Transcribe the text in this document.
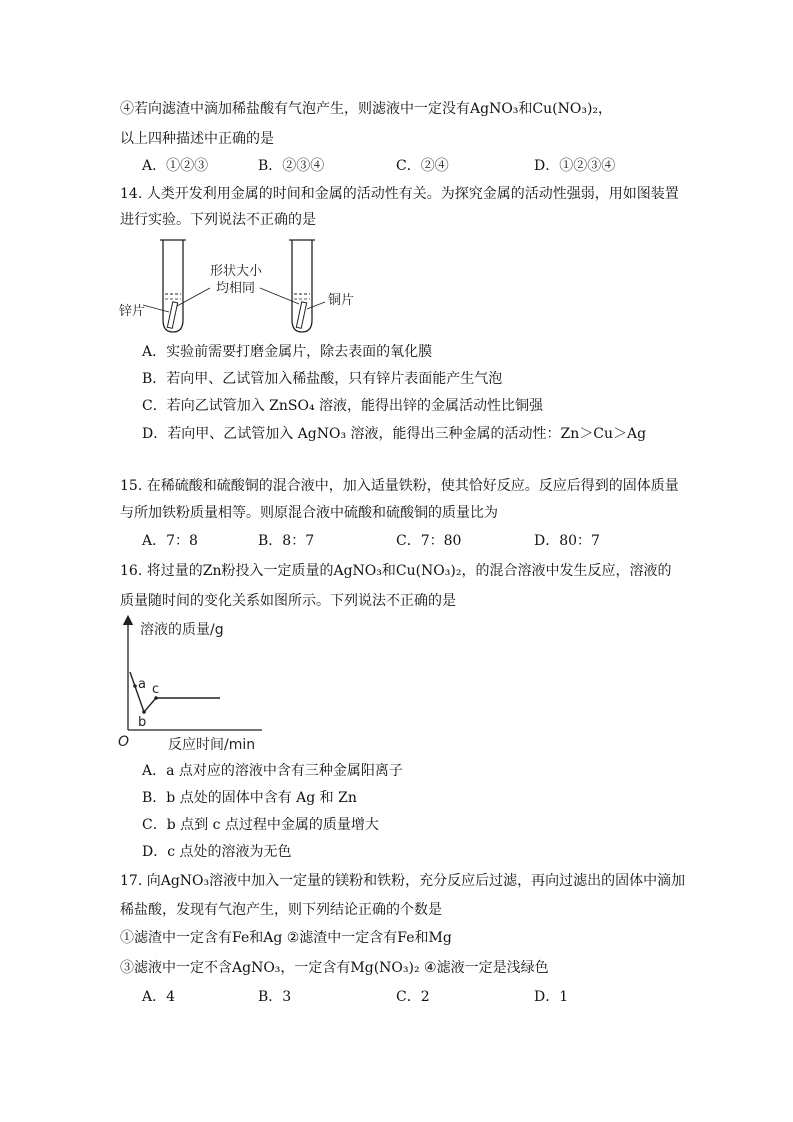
④若向滤渣中滴加稀盐酸有气泡产生，则滤液中一定没有AgNO₃和Cu(NO₃)₂，
以上四种描述中正确的是
A．①②③	B．②③④	C．②④	D．①②③④
14. 人类开发利用金属的时间和金属的活动性有关。为探究金属的活动性强弱，用如图装置
进行实验。下列说法不正确的是
锌片
形状大小
均相同
铜片
A．实验前需要打磨金属片，除去表面的氧化膜
B．若向甲、乙试管加入稀盐酸，只有锌片表面能产生气泡
C．若向乙试管加入 ZnSO₄ 溶液，能得出锌的金属活动性比铜强
D．若向甲、乙试管加入 AgNO₃ 溶液，能得出三种金属的活动性：Zn＞Cu＞Ag
15. 在稀硫酸和硫酸铜的混合液中，加入适量铁粉，使其恰好反应。反应后得到的固体质量
与所加铁粉质量相等。则原混合液中硫酸和硫酸铜的质量比为
A．7：8	B．8：7	C．7：80	D．80：7
16. 将过量的Zn粉投入一定质量的AgNO₃和Cu(NO₃)₂，的混合溶液中发生反应，溶液的
质量随时间的变化关系如图所示。下列说法不正确的是
溶液的质量/g
O	反应时间/min
a
b
c
A．a 点对应的溶液中含有三种金属阳离子
B．b 点处的固体中含有 Ag 和 Zn
C．b 点到 c 点过程中金属的质量增大
D．c 点处的溶液为无色
17. 向AgNO₃溶液中加入一定量的镁粉和铁粉，充分反应后过滤，再向过滤出的固体中滴加
稀盐酸，发现有气泡产生，则下列结论正确的个数是
①滤渣中一定含有Fe和Ag ②滤渣中一定含有Fe和Mg
③滤液中一定不含AgNO₃，一定含有Mg(NO₃)₂ ④滤液一定是浅绿色
A．4	B．3	C．2	D．1
